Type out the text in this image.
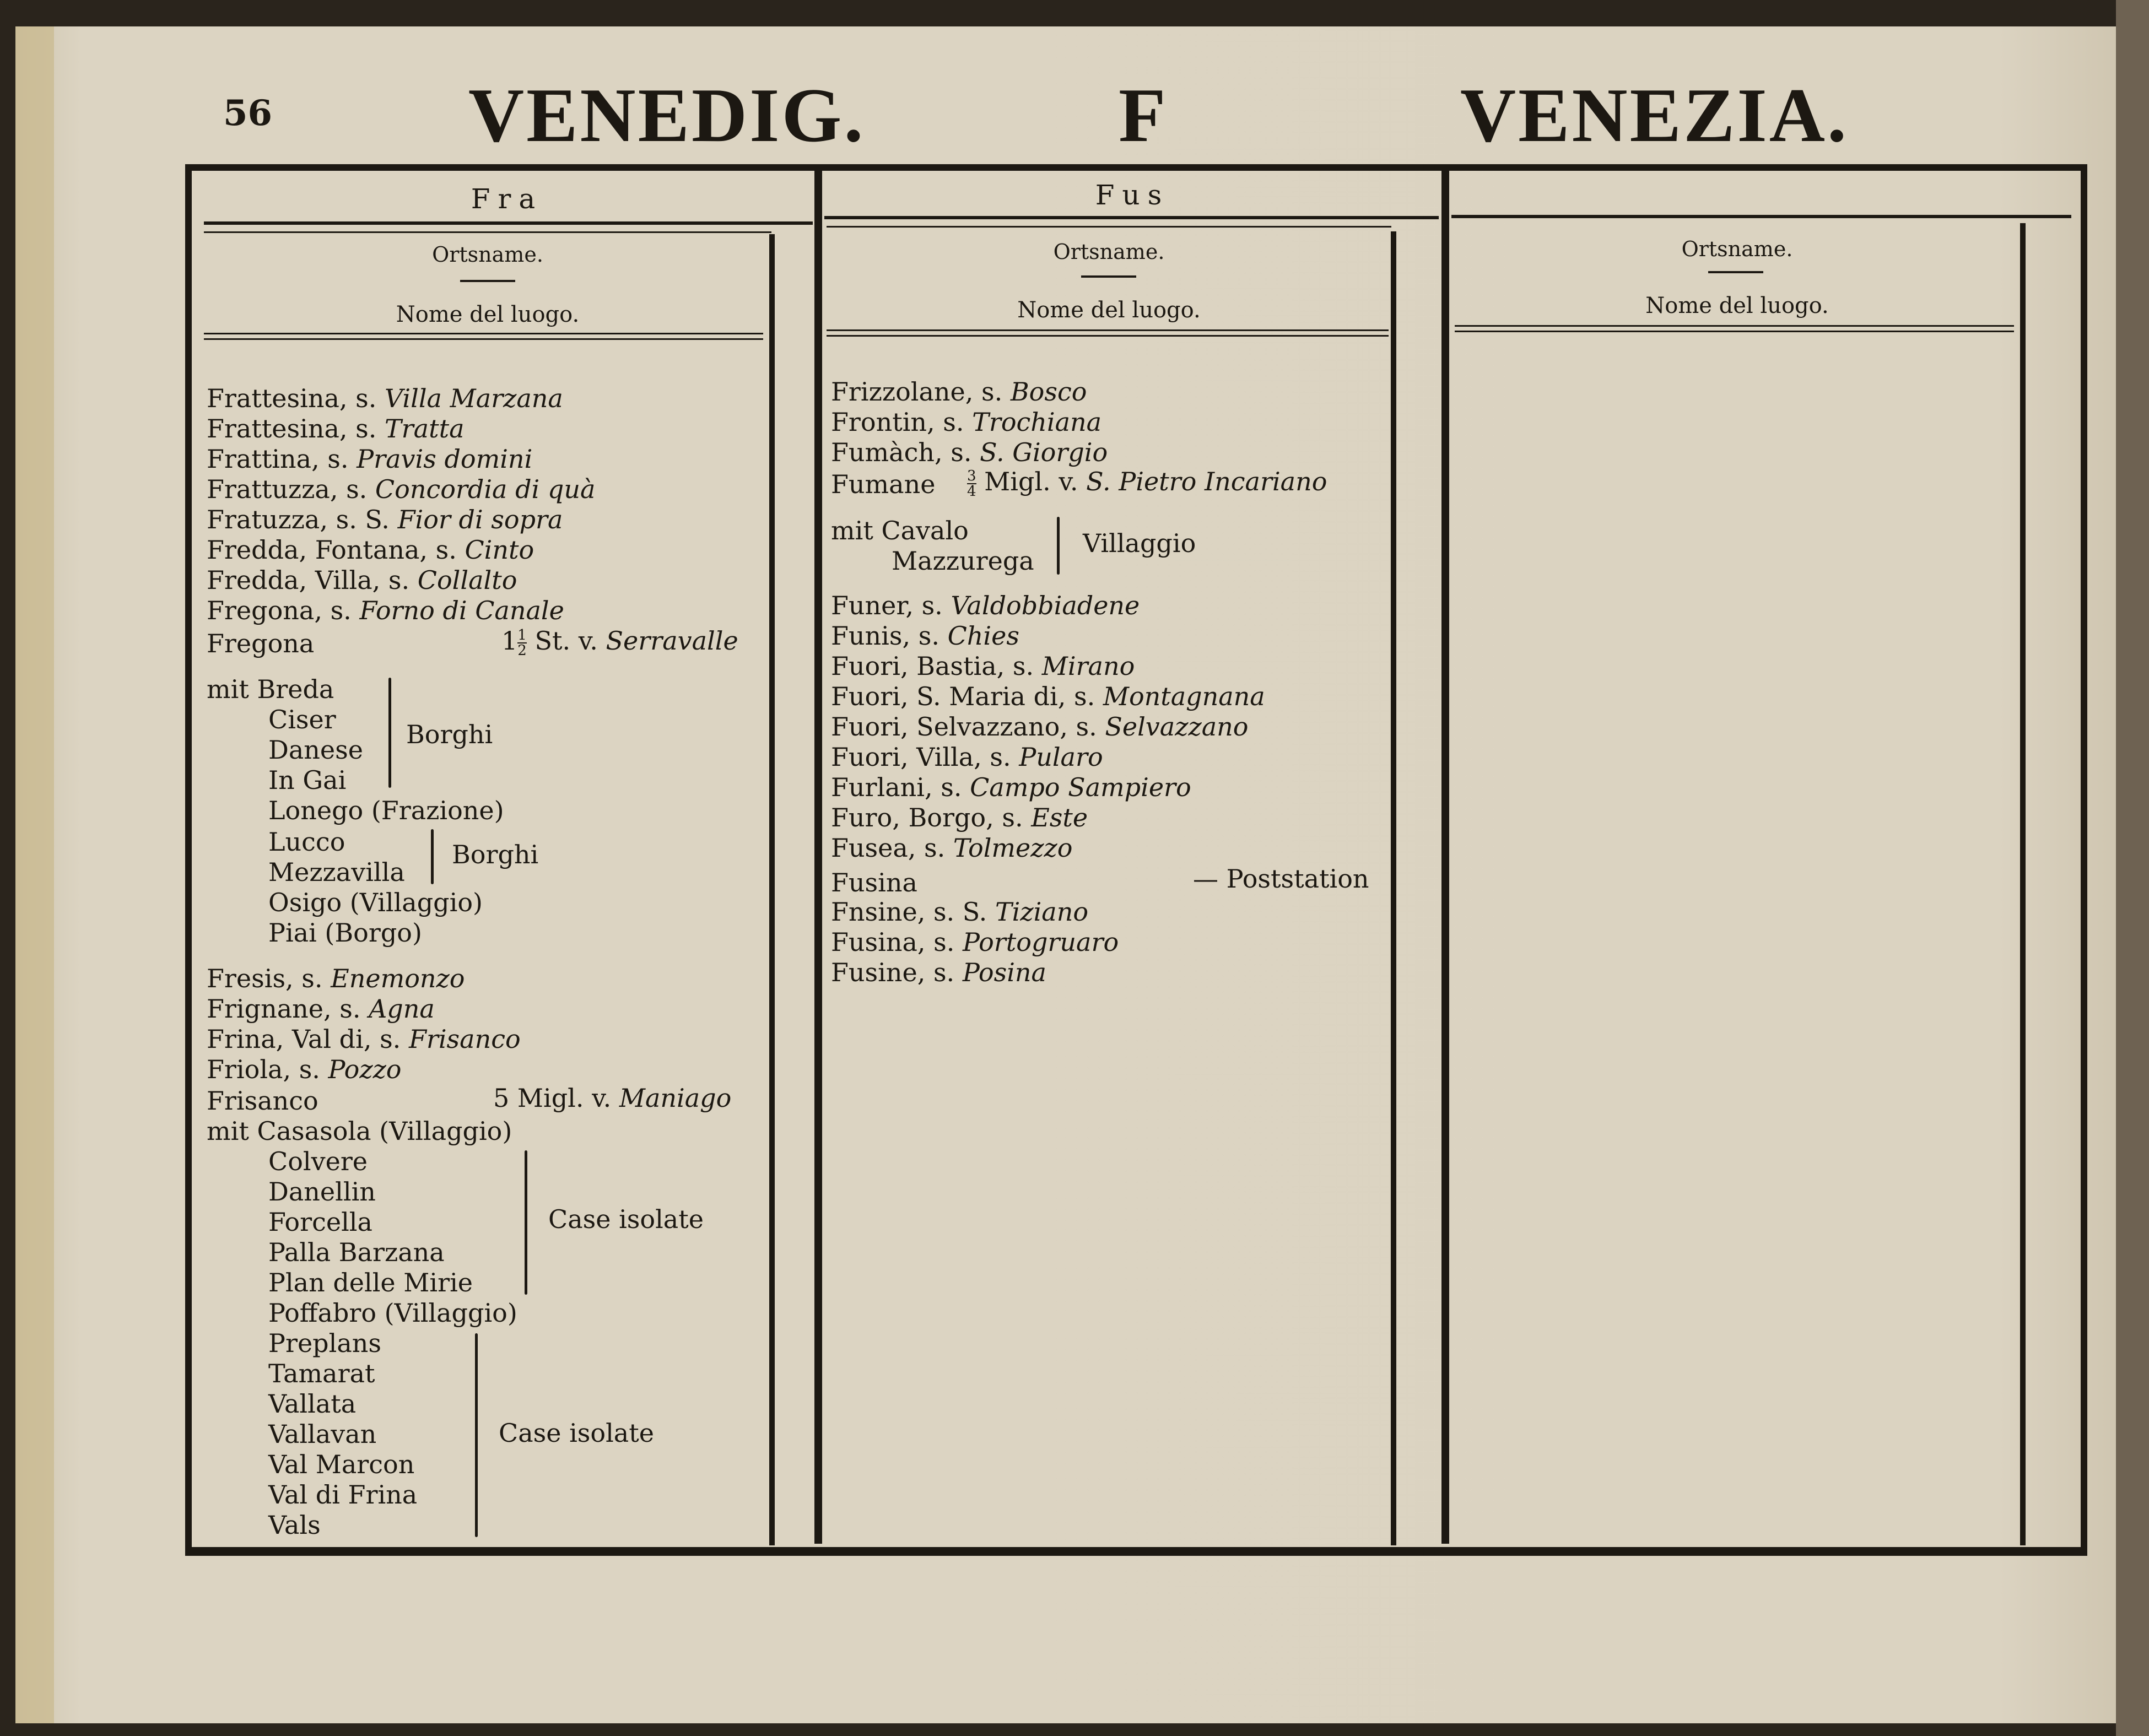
56	VENEDIG.	F	VENEZIA.
Fra	Fus
Ortsname.
Nome del luogo.
Ortsname.
Nome del luogo.
Ortsname.
Nome del luogo.
Frattesina, s. Villa Marzana
Frattesina, s. Tratta
Frattina, s. Pravis domini
Frattuzza, s. Concordia di quà
Fratuzza, s. S. Fior di sopra
Fredda, Fontana, s. Cinto
Fredda, Villa, s. Collalto
Fregona, s. Forno di Canale
Fregona	$1 \frac{1}{2} St$. v. Serravalle
mit Breda
Ciser
Danese
In Gai
Borghi
Lonego (Frazione)
Lucco
Mezzavilla
Borghi
Osigo (Villaggio)
Piai (Borgo)
Fresis, s. Enemonzo
Frignane, s. Agna
Frina, Val di, s. Frisanco
Friola, s. Pozzo
Frisanco	5 Migl. v. Maniago
mit Casasola (Villaggio)
Colvere
Danellin
Forcella
Palla Barzana
Plan delle Mirie
Case isolate
Poffabro (Villaggio)
Preplans
Tamarat
Vallata
Vallavan
Val Marcon
Val di Frina
Vals
Case isolate
Frizzolane, s. Bosco
Frontin, s. Trochiana
Fumàch, s. S. Giorgio
Fumane $\frac{3}{4}$ Migl. v. S. Pietro Incariano
mit Cavalo
Mazzurega
Villaggio
Funer, s. Valdobbiadene
Funis, s. Chies
Fuori, Bastia, s. Mirano
Fuori, S. Maria di, s. Montagnana
Fuori, Selvazzano, s. Selvazzano
Fuori, Villa, s. Pularo
Furlani, s. Campo Sampiero
Furo, Borgo, s. Este
Fusea, s. Tolmezzo
Fusina	— Poststation
Fnsine, s. S. Tiziano
Fusina, s. Portogruaro
Fusine, s. Posina
